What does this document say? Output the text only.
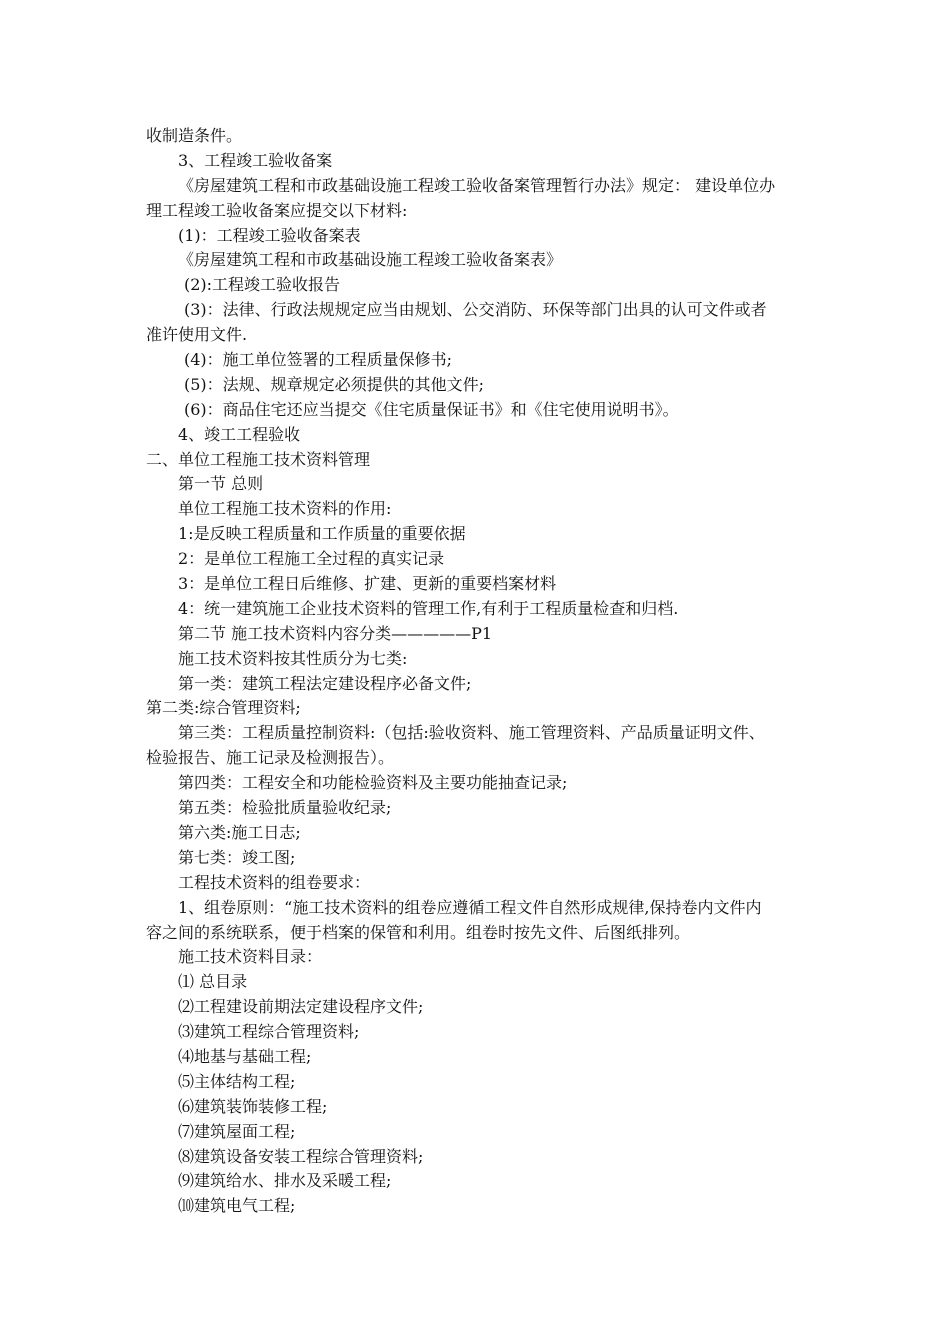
收制造条件。
3、工程竣工验收备案
《房屋建筑工程和市政基础设施工程竣工验收备案管理暂行办法》规定： 建设单位办
理工程竣工验收备案应提交以下材料:
(1)：工程竣工验收备案表
《房屋建筑工程和市政基础设施工程竣工验收备案表》
(2):工程竣工验收报告
(3)：法律、行政法规规定应当由规划、公交消防、环保等部门出具的认可文件或者
准许使用文件.
(4)：施工单位签署的工程质量保修书;
(5)：法规、规章规定必须提供的其他文件;
(6)：商品住宅还应当提交《住宅质量保证书》和《住宅使用说明书》。
4、竣工工程验收
二、单位工程施工技术资料管理
第一节 总则
单位工程施工技术资料的作用:
1:是反映工程质量和工作质量的重要依据
2：是单位工程施工全过程的真实记录
3：是单位工程日后维修、扩建、更新的重要档案材料
4：统一建筑施工企业技术资料的管理工作,有利于工程质量检查和归档.
第二节 施工技术资料内容分类—————P1
施工技术资料按其性质分为七类:
第一类：建筑工程法定建设程序必备文件;
第二类:综合管理资料;
第三类：工程质量控制资料:（包括:验收资料、施工管理资料、产品质量证明文件、
检验报告、施工记录及检测报告）。
第四类：工程安全和功能检验资料及主要功能抽查记录;
第五类：检验批质量验收纪录;
第六类:施工日志;
第七类：竣工图;
工程技术资料的组卷要求：
1、组卷原则：“施工技术资料的组卷应遵循工程文件自然形成规律,保持卷内文件内
容之间的系统联系，便于档案的保管和利用。组卷时按先文件、后图纸排列。
施工技术资料目录：
⑴ 总目录
⑵工程建设前期法定建设程序文件;
⑶建筑工程综合管理资料;
⑷地基与基础工程;
⑸主体结构工程;
⑹建筑装饰装修工程;
⑺建筑屋面工程;
⑻建筑设备安装工程综合管理资料;
⑼建筑给水、排水及采暖工程;
⑽建筑电气工程;
